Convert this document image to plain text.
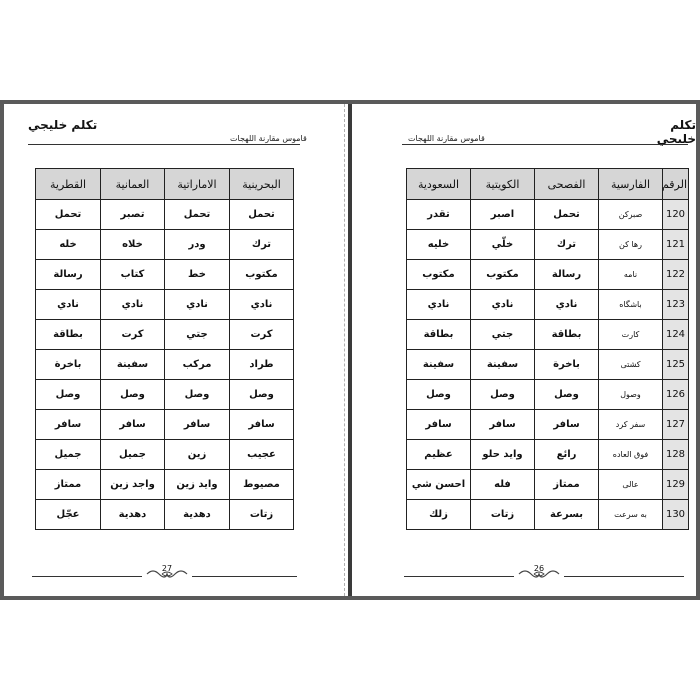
تكلم خليجي
قاموس مقارنة اللهجات
البحرينية	الاماراتية	العمانية	القطرية
تحمل	تحمل	تصبر	تحمل
ترك	ودر	خلاه	خله
مكتوب	خط	كتاب	رسالة
نادي	نادي	نادي	نادي
كرت	جتي	كرت	بطاقة
طراد	مركب	سفينة	باخرة
وصل	وصل	وصل	وصل
سافر	سافر	سافر	سافر
عجيب	زين	جميل	جميل
مصيوط	وايد زين	واجد زين	ممتاز
زتات	دهدية	دهدية	عجّل
27
تكلم خليجي
قاموس مقارنة اللهجات
الرقم	الفارسية	الفصحى	الكويتية	السعودية
120	صبركن	تحمل	اصبر	تقدر
121	رها كن	ترك	خلّي	خليه
122	نامه	رسالة	مكتوب	مكتوب
123	باشگاه	نادي	نادي	نادي
124	كارت	بطاقة	جتي	بطاقة
125	كشتى	باخرة	سفينة	سفينة
126	وصول	وصل	وصل	وصل
127	سفر كرد	سافر	سافر	سافر
128	فوق العاده	رائع	وايد حلو	عظيم
129	عالى	ممتاز	فله	احسن شي
130	به سرعت	بسرعة	زتات	زلك
26
